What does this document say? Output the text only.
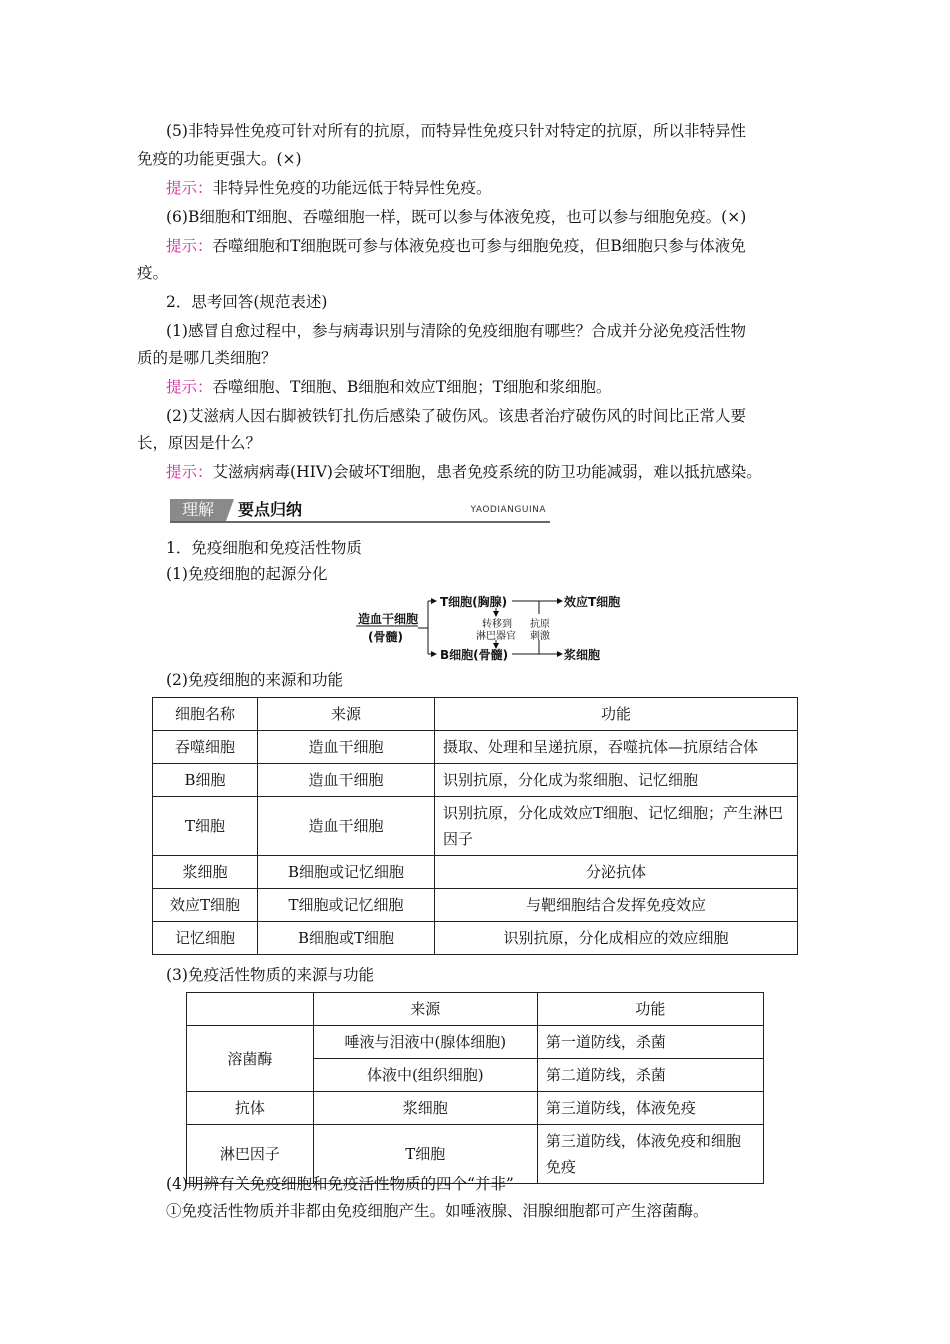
(5)非特异性免疫可针对所有的抗原，而特异性免疫只针对特定的抗原，所以非特异性
免疫的功能更强大。(×)
提示：非特异性免疫的功能远低于特异性免疫。
(6)B细胞和T细胞、吞噬细胞一样，既可以参与体液免疫，也可以参与细胞免疫。(×)
提示：吞噬细胞和T细胞既可参与体液免疫也可参与细胞免疫，但B细胞只参与体液免
疫。
2．思考回答(规范表述)
(1)感冒自愈过程中，参与病毒识别与清除的免疫细胞有哪些？合成并分泌免疫活性物
质的是哪几类细胞？
提示：吞噬细胞、T细胞、B细胞和效应T细胞；T细胞和浆细胞。
(2)艾滋病人因右脚被铁钉扎伤后感染了破伤风。该患者治疗破伤风的时间比正常人要
长，原因是什么？
提示：艾滋病病毒(HIV)会破坏T细胞，患者免疫系统的防卫功能减弱，难以抵抗感染。
理解	要点归纳	YAODIANGUINA
1．免疫细胞和免疫活性物质
(1)免疫细胞的起源分化
造血干细胞
(骨髓)
T细胞(胸腺)
B细胞(骨髓)
效应T细胞
浆细胞
转移到
淋巴器官
抗原
刺激
(2)免疫细胞的来源和功能
细胞名称	来源	功能
吞噬细胞	造血干细胞	摄取、处理和呈递抗原，吞噬抗体—抗原结合体
B细胞	造血干细胞	识别抗原，分化成为浆细胞、记忆细胞
T细胞	造血干细胞	识别抗原，分化成效应T细胞、记忆细胞；产生淋巴因子
浆细胞	B细胞或记忆细胞	分泌抗体
效应T细胞	T细胞或记忆细胞	与靶细胞结合发挥免疫效应
记忆细胞	B细胞或T细胞	识别抗原，分化成相应的效应细胞
(3)免疫活性物质的来源与功能
	来源	功能
溶菌酶	唾液与泪液中(腺体细胞)	第一道防线，杀菌
	体液中(组织细胞)	第二道防线，杀菌
抗体	浆细胞	第三道防线，体液免疫
淋巴因子	T细胞	第三道防线，体液免疫和细胞免疫
(4)明辨有关免疫细胞和免疫活性物质的四个“并非”
①免疫活性物质并非都由免疫细胞产生。如唾液腺、泪腺细胞都可产生溶菌酶。
